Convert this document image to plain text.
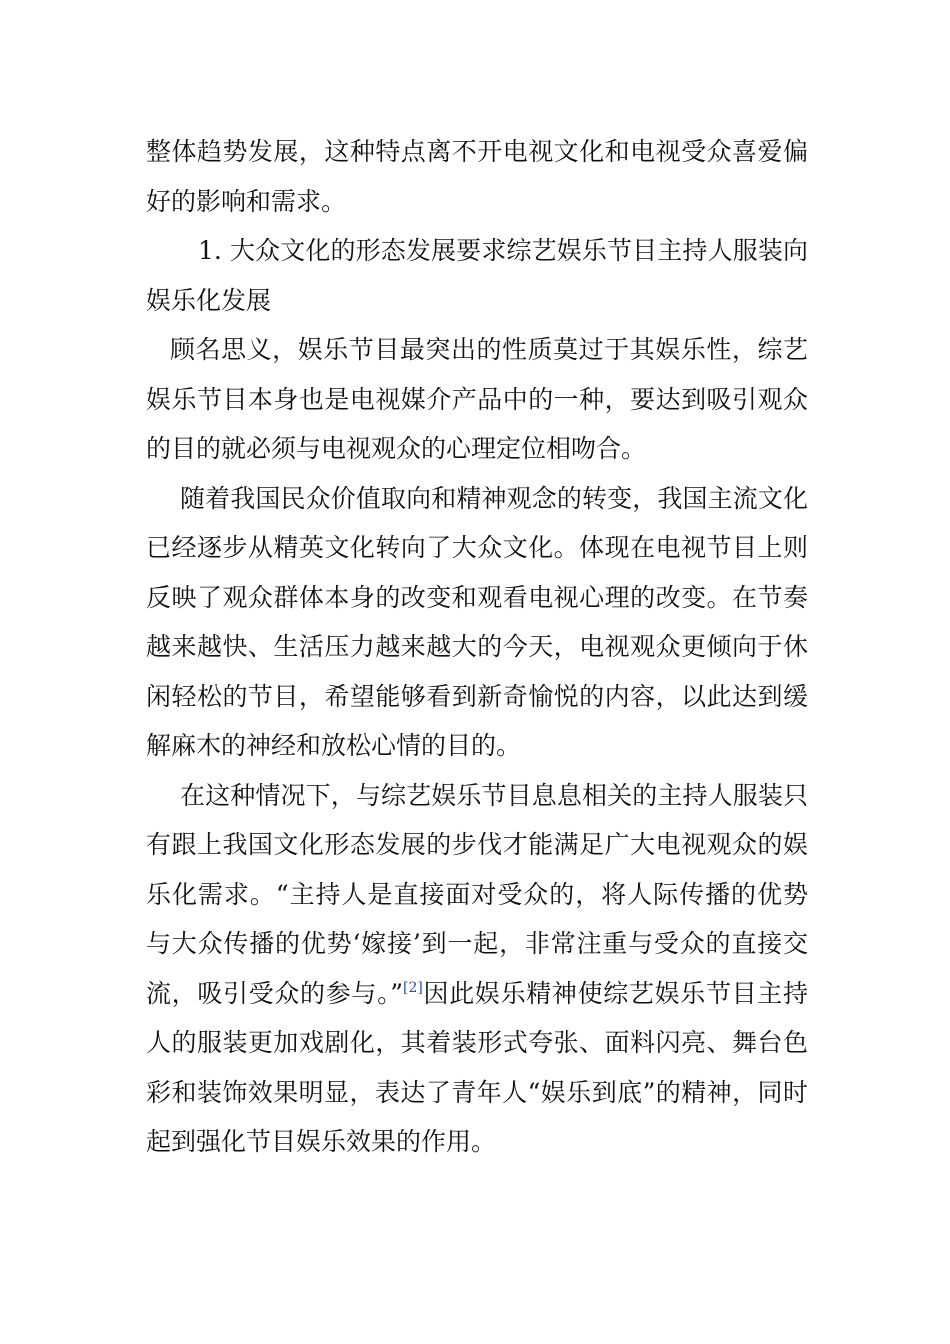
整体趋势发展，这种特点离不开电视文化和电视受众喜爱偏好的影响和需求。

1. 大众文化的形态发展要求综艺娱乐节目主持人服装向娱乐化发展

顾名思义，娱乐节目最突出的性质莫过于其娱乐性，综艺娱乐节目本身也是电视媒介产品中的一种，要达到吸引观众的目的就必须与电视观众的心理定位相吻合。

随着我国民众价值取向和精神观念的转变，我国主流文化已经逐步从精英文化转向了大众文化。体现在电视节目上则反映了观众群体本身的改变和观看电视心理的改变。在节奏越来越快、生活压力越来越大的今天，电视观众更倾向于休闲轻松的节目，希望能够看到新奇愉悦的内容，以此达到缓解麻木的神经和放松心情的目的。

在这种情况下，与综艺娱乐节目息息相关的主持人服装只有跟上我国文化形态发展的步伐才能满足广大电视观众的娱乐化需求。“主持人是直接面对受众的，将人际传播的优势与大众传播的优势‘嫁接’到一起，非常注重与受众的直接交流，吸引受众的参与。”[2]因此娱乐精神使综艺娱乐节目主持人的服装更加戏剧化，其着装形式夸张、面料闪亮、舞台色彩和装饰效果明显，表达了青年人“娱乐到底”的精神，同时起到强化节目娱乐效果的作用。
